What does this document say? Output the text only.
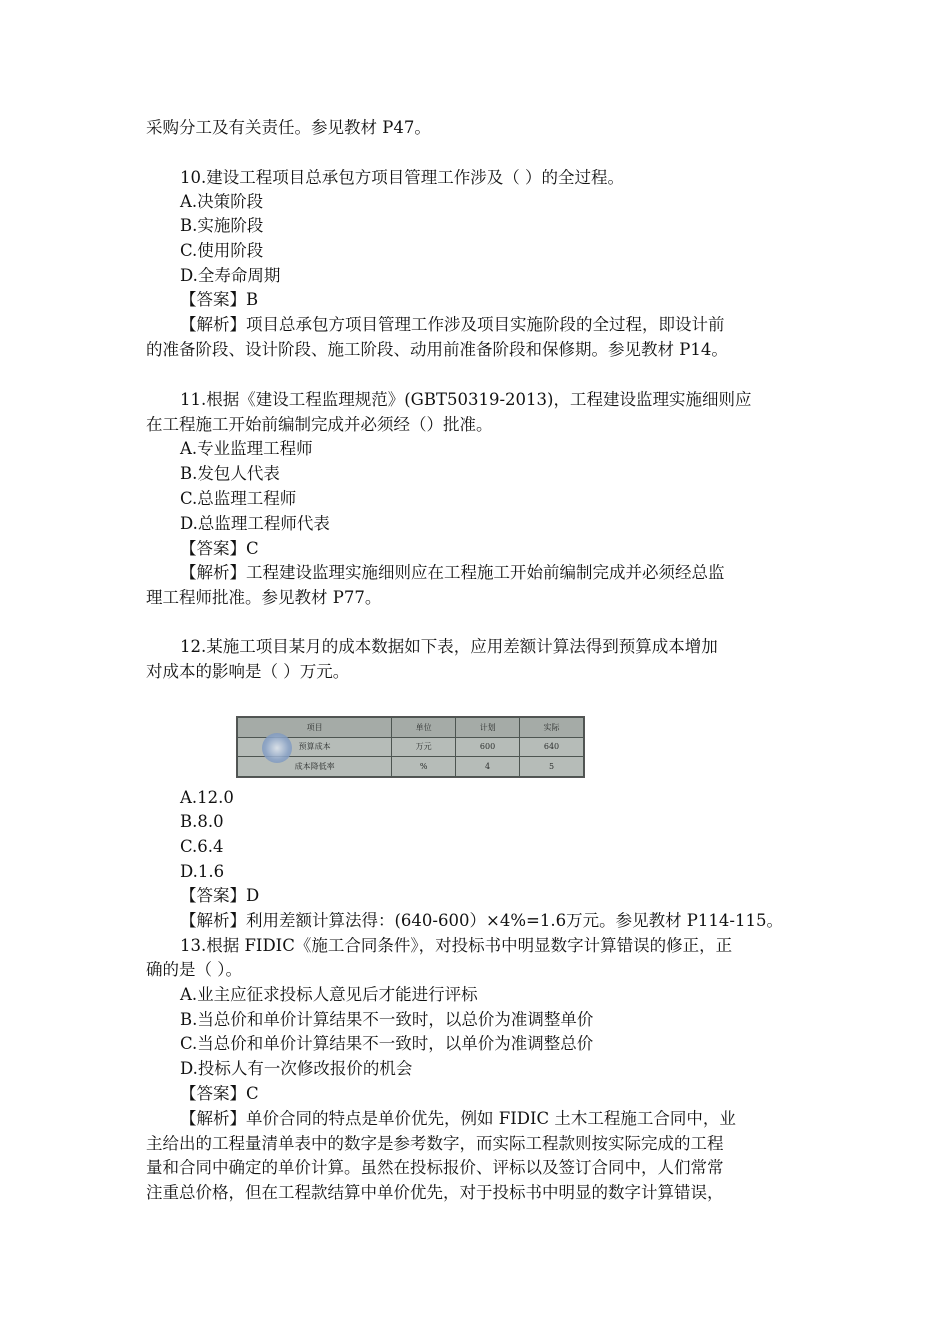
采购分工及有关责任。参见教材 P47。
10.建设工程项目总承包方项目管理工作涉及（ ）的全过程。
A.决策阶段
B.实施阶段
C.使用阶段
D.全寿命周期
【答案】B
【解析】项目总承包方项目管理工作涉及项目实施阶段的全过程，即设计前
的准备阶段、设计阶段、施工阶段、动用前准备阶段和保修期。参见教材 P14。
11.根据《建设工程监理规范》(GBT50319-2013)，工程建设监理实施细则应
在工程施工开始前编制完成并必须经（）批准。
A.专业监理工程师
B.发包人代表
C.总监理工程师
D.总监理工程师代表
【答案】C
【解析】工程建设监理实施细则应在工程施工开始前编制完成并必须经总监
理工程师批准。参见教材 P77。
12.某施工项目某月的成本数据如下表，应用差额计算法得到预算成本增加
对成本的影响是（ ）万元。
项目	单位	计划	实际
预算成本	万元	600	640
成本降低率	%	4	5
A.12.0
B.8.0
C.6.4
D.1.6
【答案】D
【解析】利用差额计算法得：(640-600）×4%=1.6万元。参见教材 P114-115。
13.根据 FIDIC《施工合同条件》，对投标书中明显数字计算错误的修正，正
确的是（ ）。
A.业主应征求投标人意见后才能进行评标
B.当总价和单价计算结果不一致时，以总价为准调整单价
C.当总价和单价计算结果不一致时，以单价为准调整总价
D.投标人有一次修改报价的机会
【答案】C
【解析】单价合同的特点是单价优先，例如 FIDIC 土木工程施工合同中，业
主给出的工程量清单表中的数字是参考数字，而实际工程款则按实际完成的工程
量和合同中确定的单价计算。虽然在投标报价、评标以及签订合同中，人们常常
注重总价格，但在工程款结算中单价优先，对于投标书中明显的数字计算错误，
